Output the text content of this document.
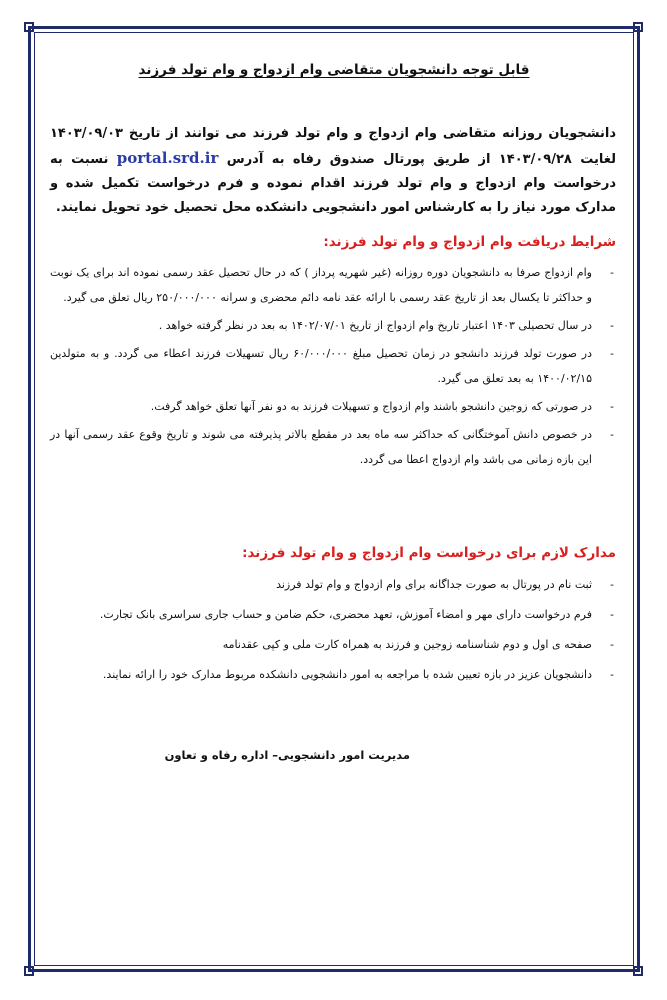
قابل توجه دانشجویان متقاضی وام ازدواج و وام تولد فرزند
دانشجویان روزانه متقاضی وام ازدواج و وام تولد فرزند می توانند از تاریخ ۱۴۰۳/۰۹/۰۳ لغایت ۱۴۰۳/۰۹/۲۸ از طریق پورتال صندوق رفاه به آدرس portal.srd.ir نسبت به درخواست وام ازدواج و وام تولد فرزند اقدام نموده و فرم درخواست تکمیل شده و مدارک مورد نیاز را به کارشناس امور دانشجویی دانشکده محل تحصیل خود تحویل نمایند.
شرایط دریافت وام ازدواج و وام تولد فرزند:
-
وام ازدواج صرفا به دانشجویان دوره روزانه (غیر شهریه پرداز ) که در حال تحصیل عقد رسمی نموده اند برای یک نوبت و حداکثر تا یکسال بعد از تاریخ عقد رسمی با ارائه عقد نامه دائم محضری و سرانه ۲۵۰/۰۰۰/۰۰۰ ریال تعلق می گیرد.
-
در سال تحصیلی ۱۴۰۳ اعتبار تاریخ وام ازدواج از تاریخ ۱۴۰۲/۰۷/۰۱ به بعد در نظر گرفته خواهد .
-
در صورت تولد فرزند دانشجو در زمان تحصیل مبلغ ۶۰/۰۰۰/۰۰۰ ریال تسهیلات فرزند اعطاء می گردد. و به متولدین ۱۴۰۰/۰۲/۱۵ به بعد تعلق می گیرد.
-
در صورتی که زوجین دانشجو باشند وام ازدواج و تسهیلات فرزند به دو نفر آنها تعلق خواهد گرفت.
-
در خصوص دانش آموختگانی که حداکثر سه ماه بعد در مقطع بالاتر پذیرفته می شوند و تاریخ وقوع عقد رسمی آنها در این بازه زمانی می باشد وام ازدواج اعطا می گردد.
مدارک لازم برای درخواست وام ازدواج و وام تولد فرزند:
-
ثبت نام در پورتال به صورت جداگانه برای وام ازدواج و وام تولد فرزند
-
فرم درخواست دارای مهر و امضاء آموزش، تعهد محضری، حکم ضامن و حساب جاری سراسری بانک تجارت.
-
صفحه ی اول و دوم شناسنامه زوجین و فرزند به همراه کارت ملی و کپی عقدنامه
-
دانشجویان عزیز در بازه تعیین شده با مراجعه به امور دانشجویی دانشکده مربوط مدارک خود را ارائه نمایند.
مدیریت امور دانشجویی– اداره رفاه و تعاون
